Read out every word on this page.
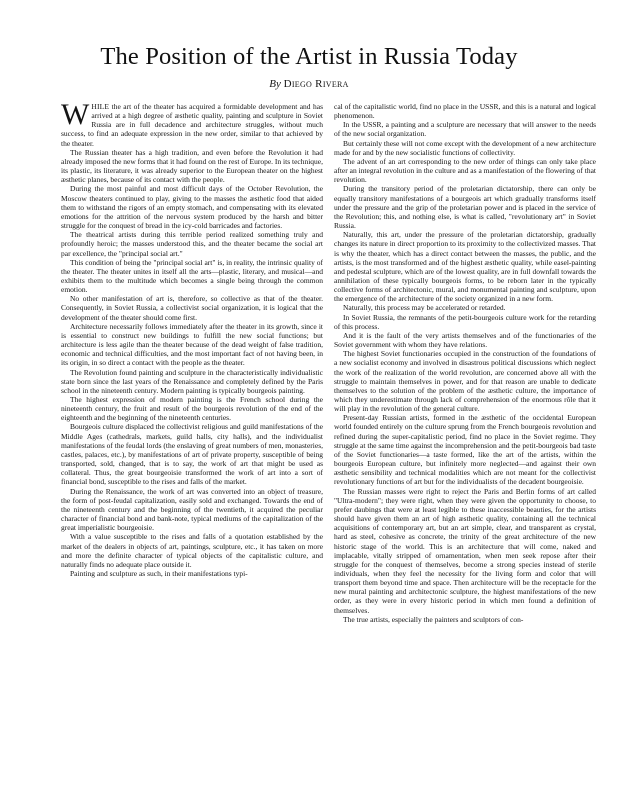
The Position of the Artist in Russia Today
By Diego Rivera

WHILE the art of the theater has acquired a formidable development and has arrived at a high degree of æsthetic quality, painting and sculpture in Soviet Russia are in full decadence and architecture struggles, without much success, to find an adequate expression in the new order, similar to that achieved by the theater.

The Russian theater has a high tradition, and even before the Revolution it had already imposed the new forms that it had found on the rest of Europe. In its technique, its plastic, its literature, it was already superior to the European theater on the highest æsthetic planes, because of its contact with the people.

During the most painful and most difficult days of the October Revolution, the Moscow theaters continued to play, giving to the masses the æsthetic food that aided them to withstand the rigors of an empty stomach, and compensating with its elevated emotions for the attrition of the nervous system produced by the harsh and bitter struggle for the conquest of bread in the icy-cold barricades and factories.

The theatrical artists during this terrible period realized something truly and profoundly heroic; the masses understood this, and the theater became the social art par excellence, the "principal social art."

This condition of being the "principal social art" is, in reality, the intrinsic quality of the theater. The theater unites in itself all the arts—plastic, literary, and musical—and exhibits them to the multitude which becomes a single being through the common emotion.

No other manifestation of art is, therefore, so collective as that of the theater. Consequently, in Soviet Russia, a collectivist social organization, it is logical that the development of the theater should come first.

Architecture necessarily follows immediately after the theater in its growth, since it is essential to construct new buildings to fulfill the new social functions; but architecture is less agile than the theater because of the dead weight of false tradition, economic and technical difficulties, and the most important fact of not having been, in its origin, in so direct a contact with the people as the theater.

The Revolution found painting and sculpture in the characteristically individualistic state born since the last years of the Renaissance and completely defined by the Paris school in the nineteenth century. Modern painting is typically bourgeois painting.

The highest expression of modern painting is the French school during the nineteenth century, the fruit and result of the bourgeois revolution of the end of the eighteenth and the beginning of the nineteenth centuries.

Bourgeois culture displaced the collectivist religious and guild manifestations of the Middle Ages (cathedrals, markets, guild halls, city halls), and the individualist manifestations of the feudal lords (the enslaving of great numbers of men, monasteries, castles, palaces, etc.), by manifestations of art of private property, susceptible of being transported, sold, changed, that is to say, the work of art that might be used as collateral. Thus, the great bourgeoisie transformed the work of art into a sort of financial bond, susceptible to the rises and falls of the market.

During the Renaissance, the work of art was converted into an object of treasure, the form of post-feudal capitalization, easily sold and exchanged. Towards the end of the nineteenth century and the beginning of the twentieth, it acquired the peculiar character of financial bond and bank-note, typical mediums of the capitalization of the great imperialistic bourgeoisie.

With a value susceptible to the rises and falls of a quotation established by the market of the dealers in objects of art, paintings, sculpture, etc., it has taken on more and more the definite character of typical objects of the capitalistic culture, and naturally finds no adequate place outside it.

Painting and sculpture as such, in their manifestations typi-

cal of the capitalistic world, find no place in the USSR, and this is a natural and logical phenomenon.

In the USSR, a painting and a sculpture are necessary that will answer to the needs of the new social organization.

But certainly these will not come except with the development of a new architecture made for and by the new socialistic functions of collectivity.

The advent of an art corresponding to the new order of things can only take place after an integral revolution in the culture and as a manifestation of the flowering of that revolution.

During the transitory period of the proletarian dictatorship, there can only be equally transitory manifestations of a bourgeois art which gradually transforms itself under the pressure and the grip of the proletarian power and is placed in the service of the Revolution; this, and nothing else, is what is called, "revolutionary art" in Soviet Russia.

Naturally, this art, under the pressure of the proletarian dictatorship, gradually changes its nature in direct proportion to its proximity to the collectivized masses. That is why the theater, which has a direct contact between the masses, the public, and the artists, is the most transformed and of the highest æsthetic quality, while easel-painting and pedestal sculpture, which are of the lowest quality, are in full downfall towards the annihilation of these typically bourgeois forms, to be reborn later in the typically collective forms of architectonic, mural, and monumental painting and sculpture, upon the emergence of the architecture of the society organized in a new form.

Naturally, this process may be accelerated or retarded.

In Soviet Russia, the remnants of the petit-bourgeois culture work for the retarding of this process.

And it is the fault of the very artists themselves and of the functionaries of the Soviet government with whom they have relations.

The highest Soviet functionaries occupied in the construction of the foundations of a new socialist economy and involved in disastrous political discussions which neglect the work of the realization of the world revolution, are concerned above all with the struggle to maintain themselves in power, and for that reason are unable to dedicate themselves to the solution of the problem of the æsthetic culture, the importance of which they underestimate through lack of comprehension of the enormous rôle that it will play in the revolution of the general culture.

Present-day Russian artists, formed in the æsthetic of the occidental European world founded entirely on the culture sprung from the French bourgeois revolution and refined during the super-capitalistic period, find no place in the Soviet regime. They struggle at the same time against the incomprehension and the petit-bourgeois bad taste of the Soviet functionaries—a taste formed, like the art of the artists, within the bourgeois European culture, but infinitely more neglected—and against their own æsthetic sensibility and technical modalities which are not meant for the collectivist revolutionary functions of art but for the individualists of the decadent bourgeoisie.

The Russian masses were right to reject the Paris and Berlin forms of art called "Ultra-modern"; they were right, when they were given the opportunity to choose, to prefer daubings that were at least legible to these inaccessible beauties, for the artists should have given them an art of high æsthetic quality, containing all the technical acquisitions of contemporary art, but an art simple, clear, and transparent as crystal, hard as steel, cohesive as concrete, the trinity of the great architecture of the new historic stage of the world. This is an architecture that will come, naked and implacable, vitally stripped of ornamentation, when men seek repose after their struggle for the conquest of themselves, become a strong species instead of sterile individuals, when they feel the necessity for the living form and color that will transport them beyond time and space. Then architecture will be the receptacle for the new mural painting and architectonic sculpture, the highest manifestations of the new order, as they were in every historic period in which men found a definition of themselves.

The true artists, especially the painters and sculptors of con-
